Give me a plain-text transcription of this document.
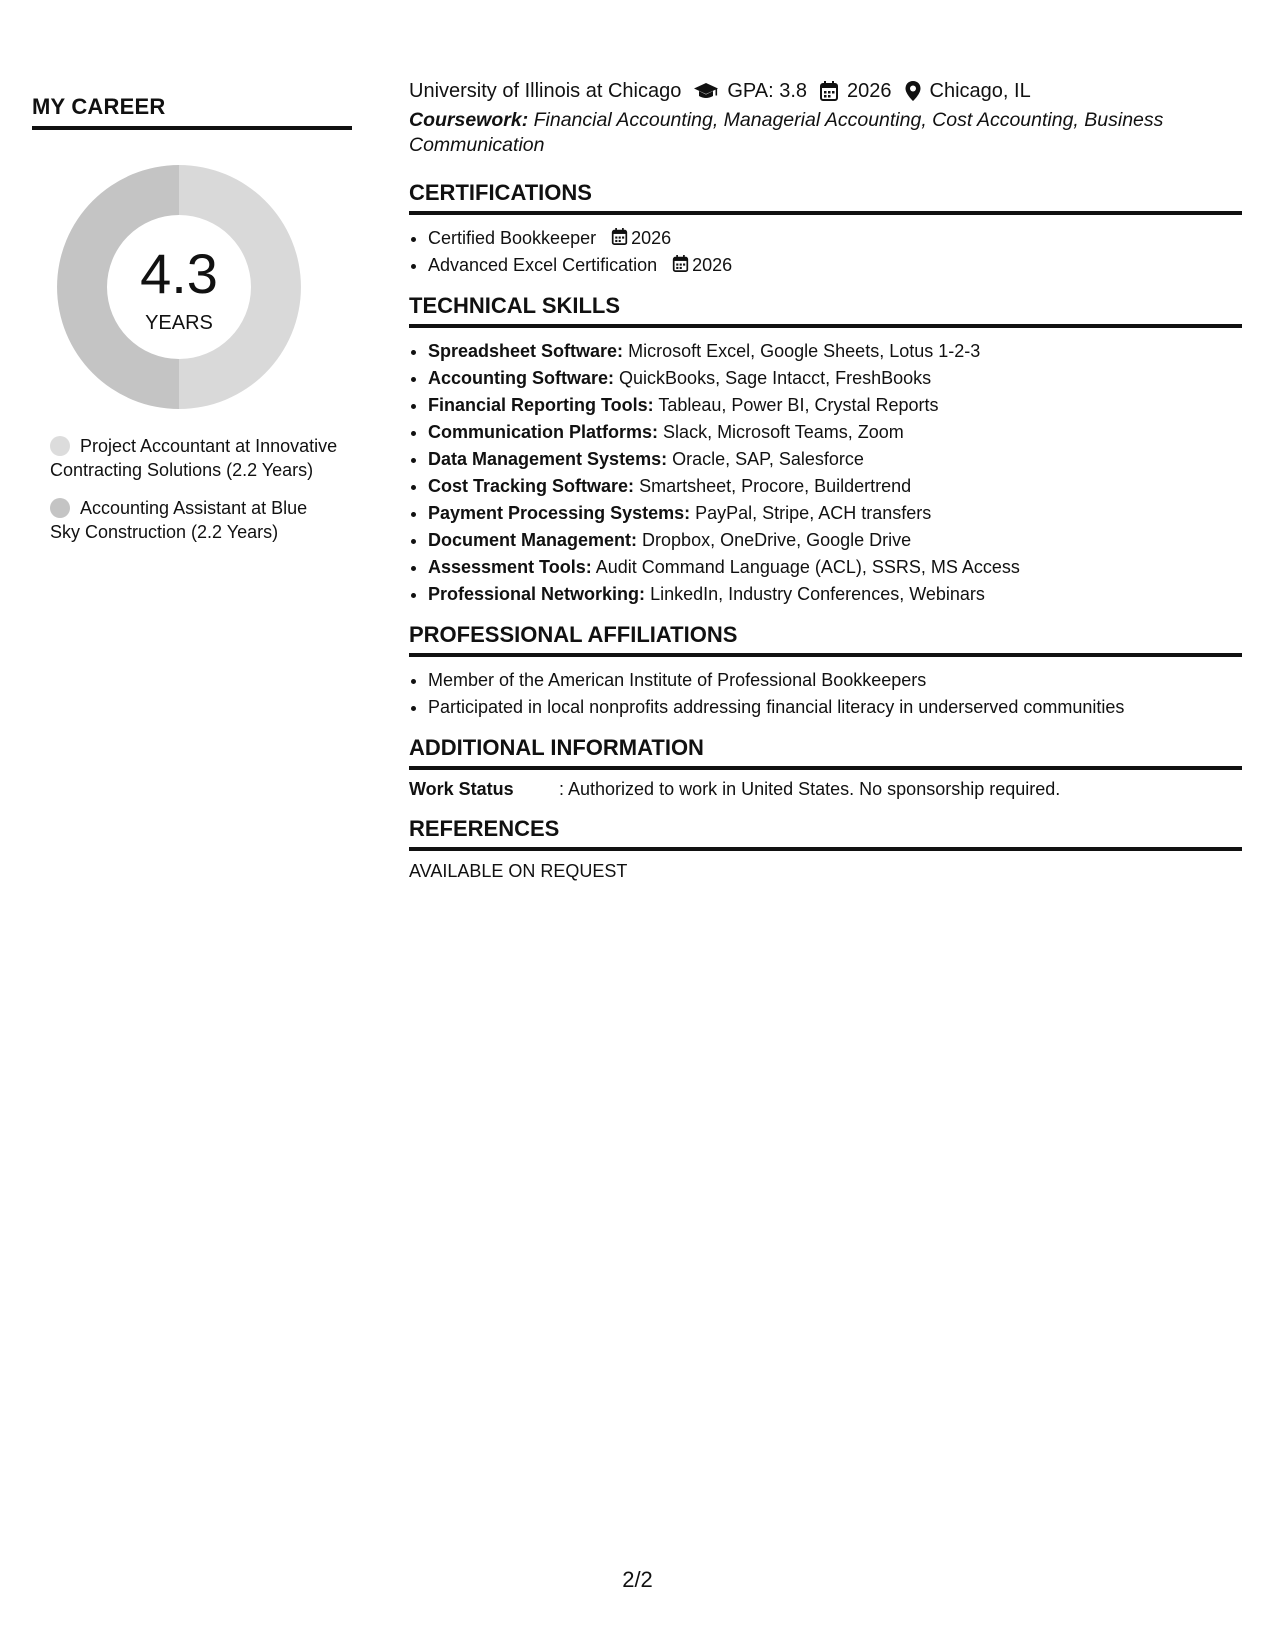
MY CAREER
4.3
YEARS
Project Accountant at Innovative Contracting Solutions (2.2 Years)
Accounting Assistant at Blue Sky Construction (2.2 Years)
University of Illinois at Chicago GPA: 3.8 2026 Chicago, IL
Coursework: Financial Accounting, Managerial Accounting, Cost Accounting, Business Communication
CERTIFICATIONS
• Certified Bookkeeper 2026
• Advanced Excel Certification 2026
TECHNICAL SKILLS
• Spreadsheet Software: Microsoft Excel, Google Sheets, Lotus 1-2-3
• Accounting Software: QuickBooks, Sage Intacct, FreshBooks
• Financial Reporting Tools: Tableau, Power BI, Crystal Reports
• Communication Platforms: Slack, Microsoft Teams, Zoom
• Data Management Systems: Oracle, SAP, Salesforce
• Cost Tracking Software: Smartsheet, Procore, Buildertrend
• Payment Processing Systems: PayPal, Stripe, ACH transfers
• Document Management: Dropbox, OneDrive, Google Drive
• Assessment Tools: Audit Command Language (ACL), SSRS, MS Access
• Professional Networking: LinkedIn, Industry Conferences, Webinars
PROFESSIONAL AFFILIATIONS
• Member of the American Institute of Professional Bookkeepers
• Participated in local nonprofits addressing financial literacy in underserved communities
ADDITIONAL INFORMATION
Work Status	: Authorized to work in United States. No sponsorship required.
REFERENCES
AVAILABLE ON REQUEST
2/2
